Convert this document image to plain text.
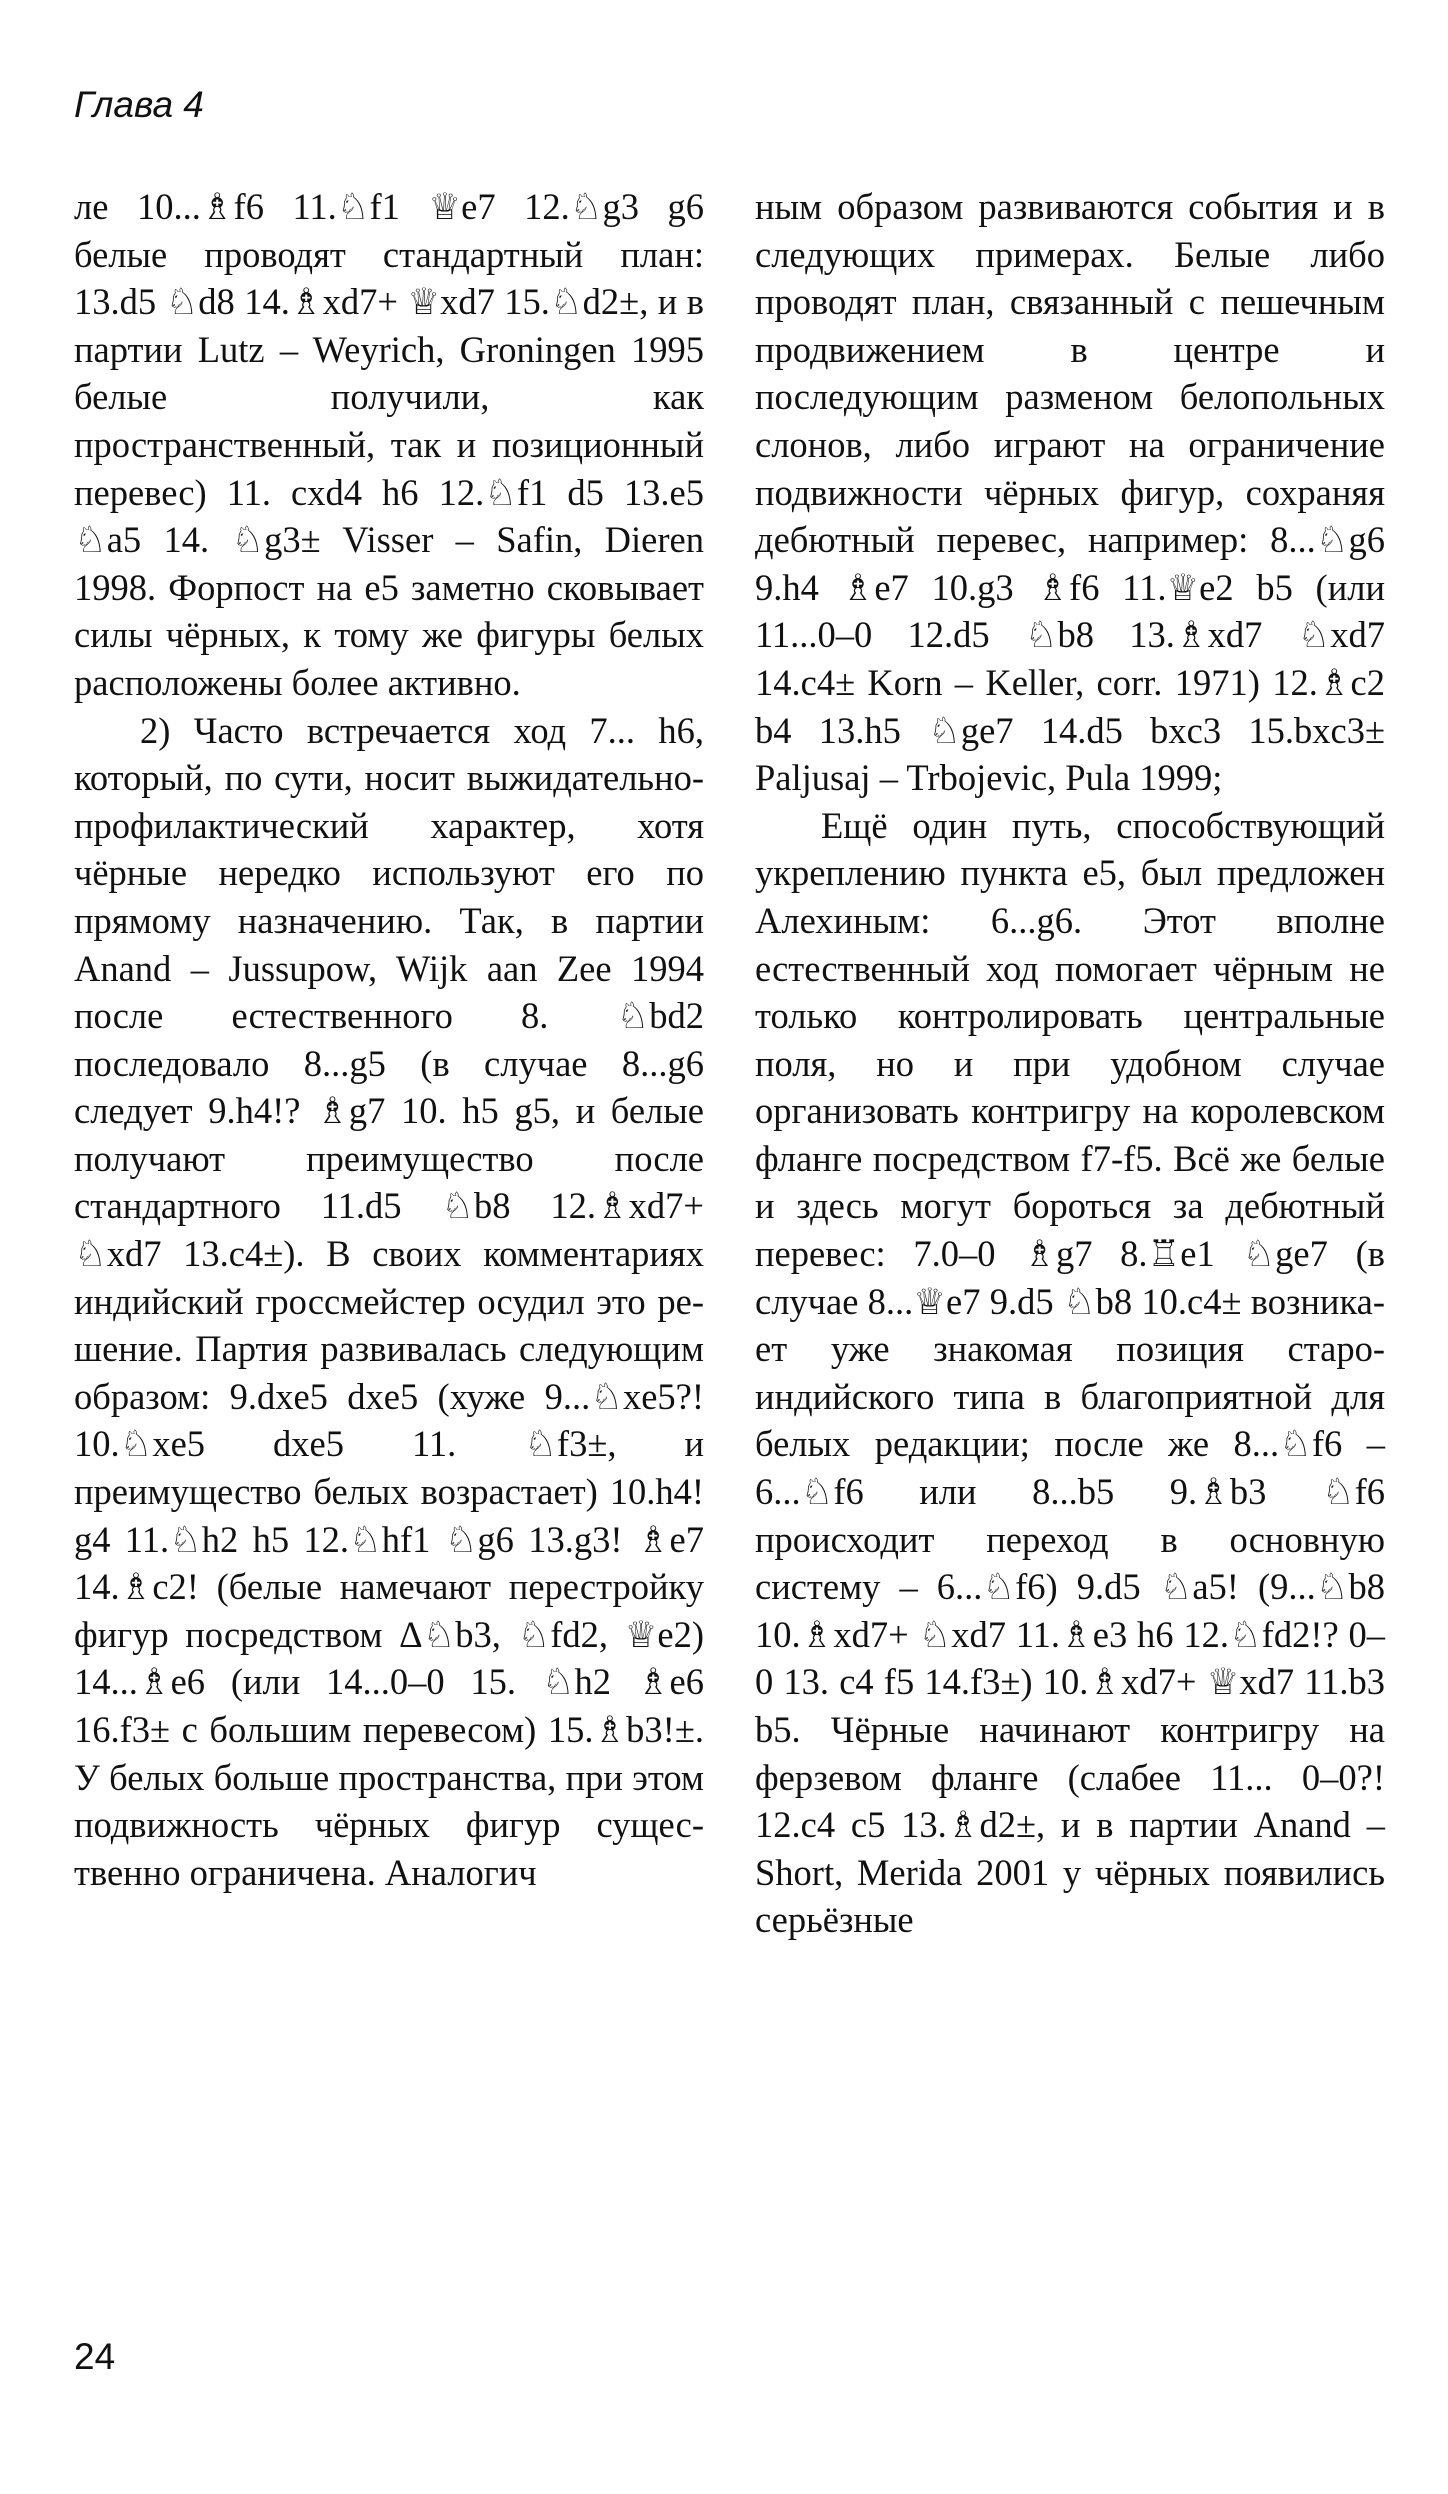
Глава 4

ле 10...♗f6 11.♘f1 ♕e7 12.♘g3 g6 белые проводят стандартный план: 13.d5 ♘d8 14.♗xd7+ ♕xd7 15.♘d2±, и в партии Lutz – Weyrich, Groningen 1995 белые получили, как пространственный, так и позиционный перевес) 11. cxd4 h6 12.♘f1 d5 13.e5 ♘a5 14. ♘g3± Visser – Safin, Dieren 1998. Форпост на е5 заметно сковывает силы чёрных, к тому же фигуры белых расположены более активно.

2) Часто встречается ход 7... h6, который, по сути, носит выжидательно-профилактический характер, хотя чёрные нередко используют его по прямому назначению. Так, в партии Anand – Jussupow, Wijk aan Zee 1994 после естественного 8. ♘bd2 последовало 8...g5 (в случае 8...g6 следует 9.h4!? ♗g7 10. h5 g5, и белые получают преимущество после стандартного 11.d5 ♘b8 12.♗xd7+ ♘xd7 13.c4±). В своих комментариях индийский гроссмейстер осудил это решение. Партия развивалась следующим образом: 9.dxe5 dxe5 (хуже 9...♘xe5?! 10.♘xe5 dxe5 11. ♘f3±, и преимущество белых возрастает) 10.h4! g4 11.♘h2 h5 12.♘hf1 ♘g6 13.g3! ♗e7 14.♗c2! (белые намечают перестройку фигур посредством Δ♘b3, ♘fd2, ♕e2) 14...♗e6 (или 14...0–0 15. ♘h2 ♗e6 16.f3± с большим перевесом) 15.♗b3!±. У белых больше пространства, при этом подвижность чёрных фигур существенно ограничена. Аналогич

ным образом развиваются события и в следующих примерах. Белые либо проводят план, связанный с пешечным продвижением в центре и последующим разменом белопольных слонов, либо играют на ограничение подвижности чёрных фигур, сохраняя дебютный перевес, например: 8...♘g6 9.h4 ♗e7 10.g3 ♗f6 11.♕e2 b5 (или 11...0–0 12.d5 ♘b8 13.♗xd7 ♘xd7 14.c4± Korn – Keller, corr. 1971) 12.♗c2 b4 13.h5 ♘ge7 14.d5 bxc3 15.bxc3± Paljusaj – Trbojevic, Pula 1999;

Ещё один путь, способствующий укреплению пункта е5, был предложен Алехиным: 6...g6. Этот вполне естественный ход помогает чёрным не только контролировать центральные поля, но и при удобном случае организовать контригру на королевском фланге посредством f7-f5. Всё же белые и здесь могут бороться за дебютный перевес: 7.0–0 ♗g7 8.♖e1 ♘ge7 (в случае 8...♕e7 9.d5 ♘b8 10.c4± возникает уже знакомая позиция староиндийского типа в благоприятной для белых редакции; после же 8...♘f6 – 6...♘f6 или 8...b5 9.♗b3 ♘f6 происходит переход в основную систему – 6...♘f6) 9.d5 ♘a5! (9...♘b8 10.♗xd7+ ♘xd7 11.♗e3 h6 12.♘fd2!? 0–0 13. c4 f5 14.f3±) 10.♗xd7+ ♕xd7 11.b3 b5. Чёрные начинают контригру на ферзевом фланге (слабее 11... 0–0?! 12.c4 c5 13.♗d2±, и в партии Anand – Short, Merida 2001 у чёрных появились серьёзные

24
